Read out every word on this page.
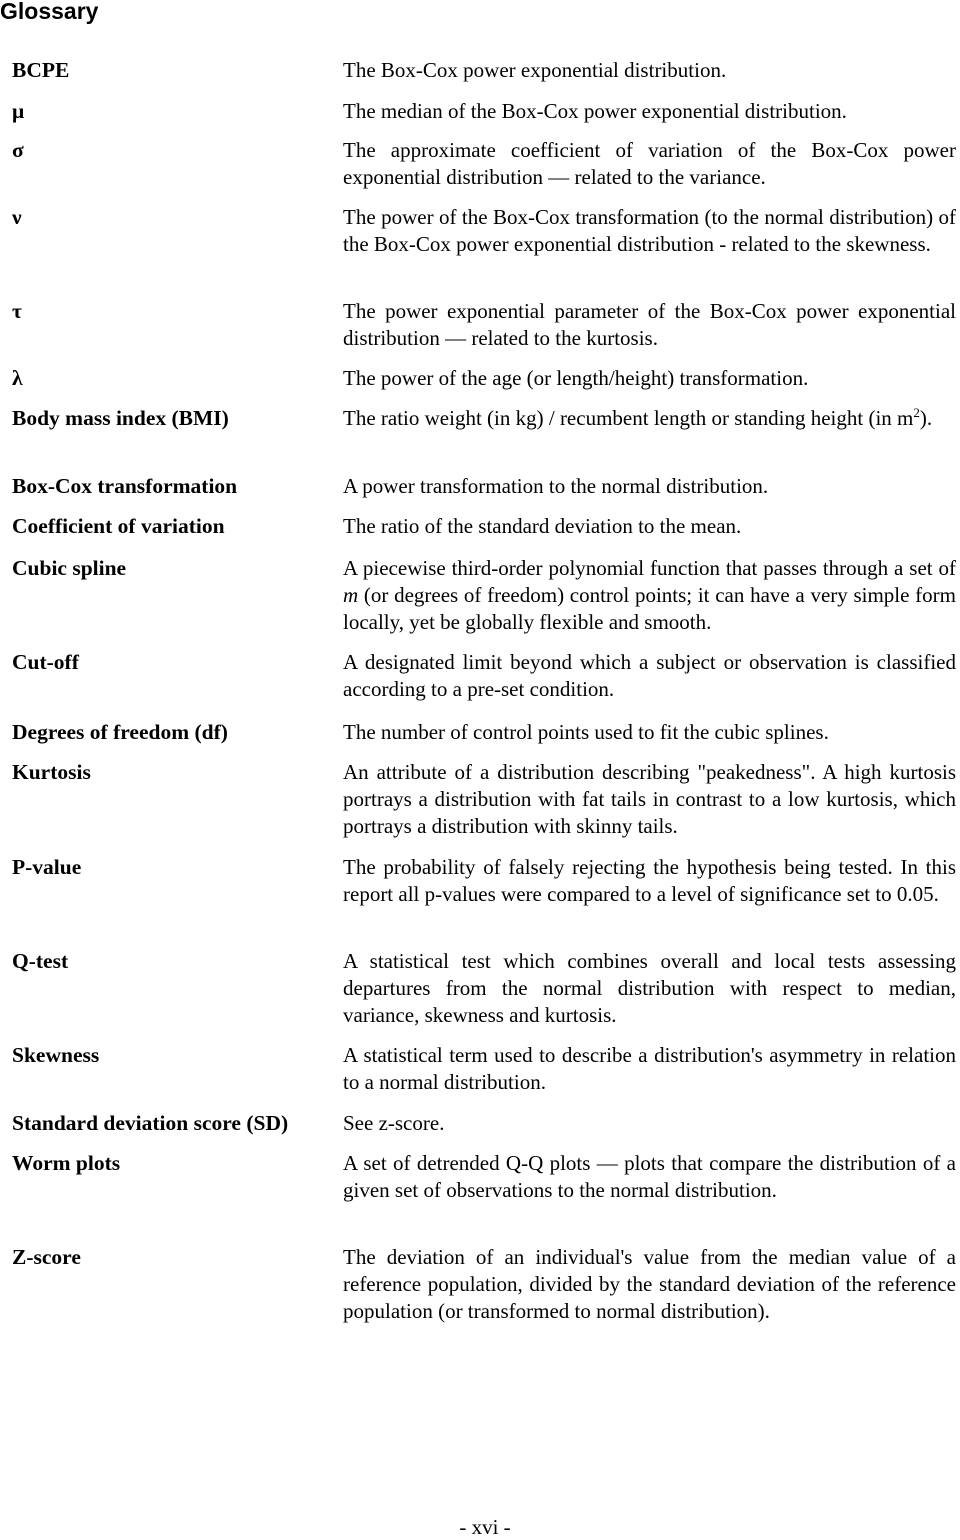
Glossary
BCPE	The Box-Cox power exponential distribution.
μ	The median of the Box-Cox power exponential distribution.
σ	The approximate coefficient of variation of the Box-Cox power exponential distribution — related to the variance.
ν	The power of the Box-Cox transformation (to the normal distribution) of the Box-Cox power exponential distribution - related to the skewness.
τ	The power exponential parameter of the Box-Cox power exponential distribution — related to the kurtosis.
λ	The power of the age (or length/height) transformation.
Body mass index (BMI)	The ratio weight (in kg) / recumbent length or standing height (in $m^2$).
Box-Cox transformation	A power transformation to the normal distribution.
Coefficient of variation	The ratio of the standard deviation to the mean.
Cubic spline	A piecewise third-order polynomial function that passes through a set of m (or degrees of freedom) control points; it can have a very simple form locally, yet be globally flexible and smooth.
Cut-off	A designated limit beyond which a subject or observation is classified according to a pre-set condition.
Degrees of freedom (df)	The number of control points used to fit the cubic splines.
Kurtosis	An attribute of a distribution describing "peakedness". A high kurtosis portrays a distribution with fat tails in contrast to a low kurtosis, which portrays a distribution with skinny tails.
P-value	The probability of falsely rejecting the hypothesis being tested. In this report all p-values were compared to a level of significance set to 0.05.
Q-test	A statistical test which combines overall and local tests assessing departures from the normal distribution with respect to median, variance, skewness and kurtosis.
Skewness	A statistical term used to describe a distribution's asymmetry in relation to a normal distribution.
Standard deviation score (SD)	See z-score.
Worm plots	A set of detrended Q-Q plots — plots that compare the distribution of a given set of observations to the normal distribution.
Z-score	The deviation of an individual's value from the median value of a reference population, divided by the standard deviation of the reference population (or transformed to normal distribution).
- xvi -
